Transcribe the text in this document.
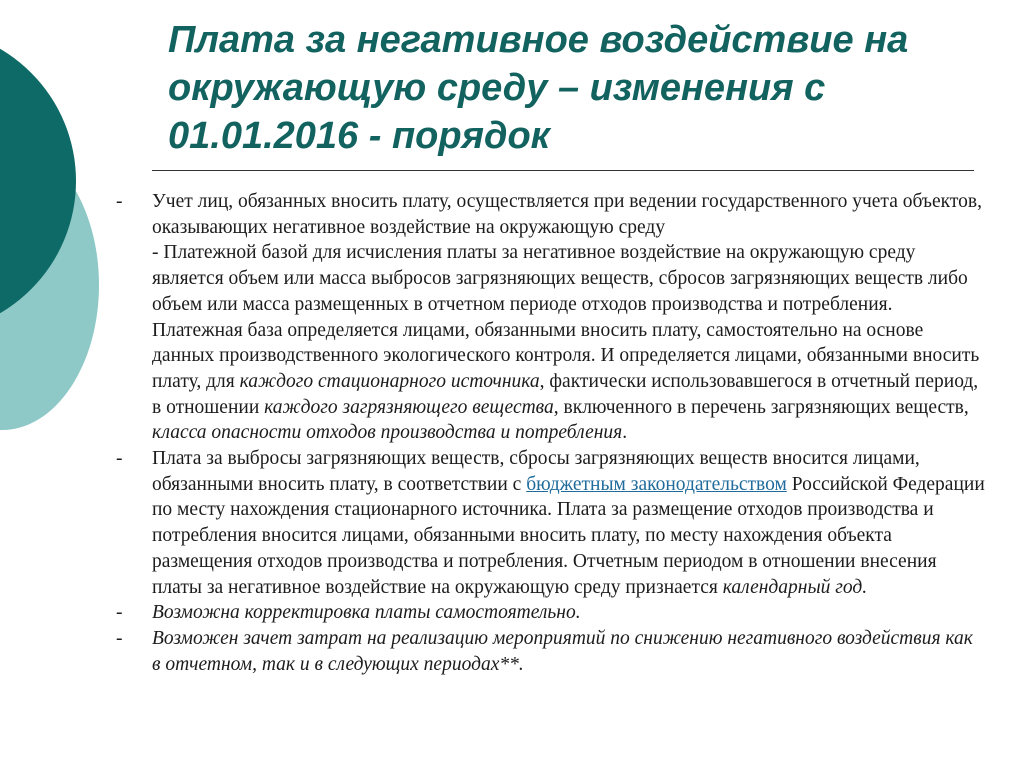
Плата за негативное воздействие на окружающую среду – изменения с 01.01.2016 - порядок
- Учет лиц, обязанных вносить плату, осуществляется при ведении государственного учета объектов, оказывающих негативное воздействие на окружающую среду
- Платежной базой для исчисления платы за негативное воздействие на окружающую среду является объем или масса выбросов загрязняющих веществ, сбросов загрязняющих веществ либо объем или масса размещенных в отчетном периоде отходов производства и потребления. Платежная база определяется лицами, обязанными вносить плату, самостоятельно на основе данных производственного экологического контроля. И определяется лицами, обязанными вносить плату, для каждого стационарного источника, фактически использовавшегося в отчетный период, в отношении каждого загрязняющего вещества, включенного в перечень загрязняющих веществ, класса опасности отходов производства и потребления.
- Плата за выбросы загрязняющих веществ, сбросы загрязняющих веществ вносится лицами, обязанными вносить плату, в соответствии с бюджетным законодательством Российской Федерации по месту нахождения стационарного источника. Плата за размещение отходов производства и потребления вносится лицами, обязанными вносить плату, по месту нахождения объекта размещения отходов производства и потребления. Отчетным периодом в отношении внесения платы за негативное воздействие на окружающую среду признается календарный год.
- Возможна корректировка платы самостоятельно.
- Возможен зачет затрат на реализацию мероприятий по снижению негативного воздействия как в отчетном, так и в следующих периодах**.
